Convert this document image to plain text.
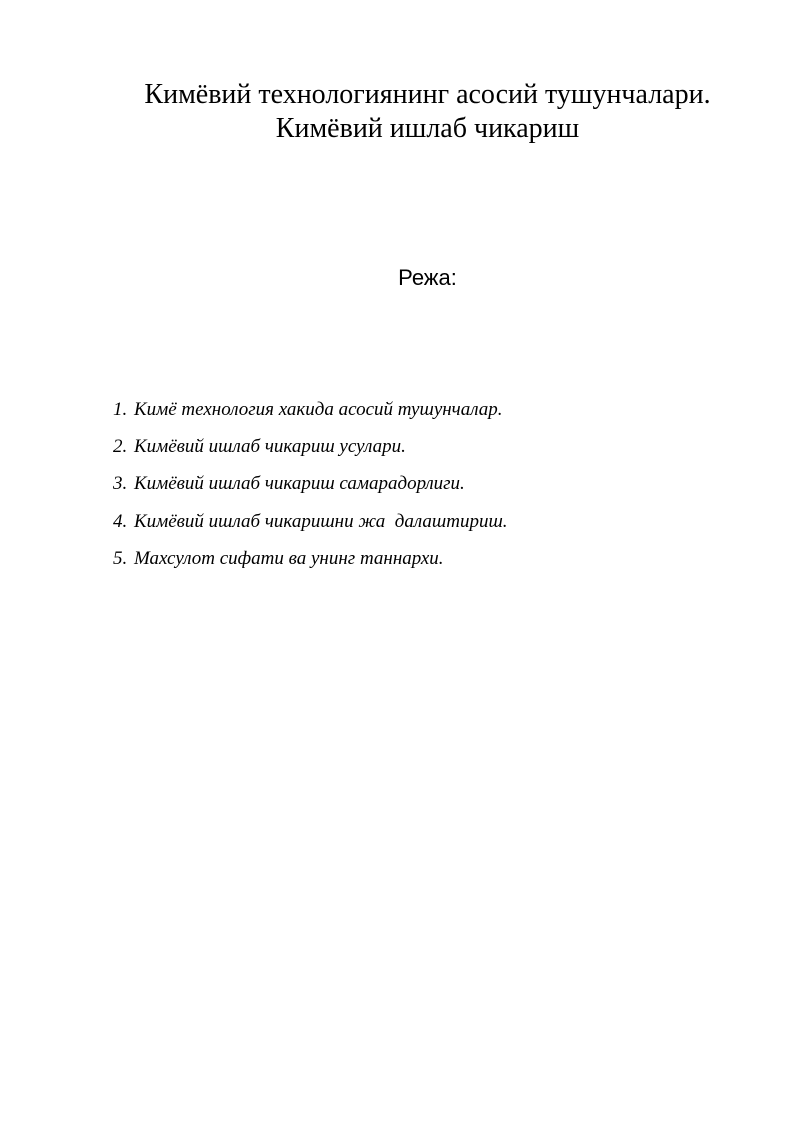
Кимёвий технологиянинг асосий тушунчалари.
Кимёвий ишлаб чикариш
Режа:
1. Кимё технология хакида асосий тушунчалар.
2. Кимёвий ишлаб чикариш усулари.
3. Кимёвий ишлаб чикариш самарадорлиги.
4. Кимёвий ишлаб чикаришни жа  далаштириш.
5. Махсулот сифати ва унинг таннархи.
